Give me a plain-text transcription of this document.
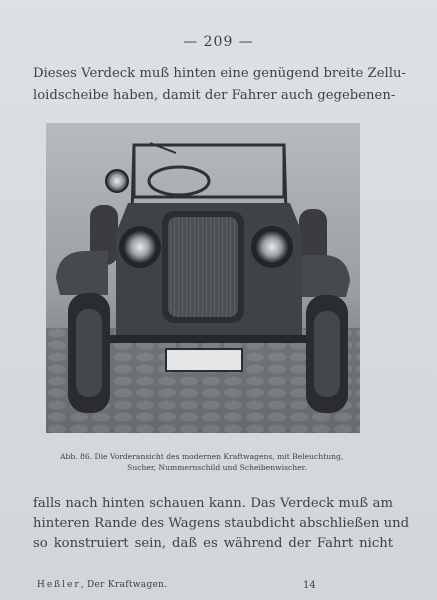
— 209 —
Dieses Verdeck muß hinten eine genügend breite Zellu-
loidscheibe haben, damit der Fahrer auch gegebenen-
Abb. 86. Die Vorderansicht des modernen Kraftwagens, mit Beleuchtung,
Sucher, Nummernschild und Scheibenwischer.
falls nach hinten schauen kann. Das Verdeck muß am
hinteren Rande des Wagens staubdicht abschließen und
so konstruiert sein, daß es während der Fahrt nicht
Heßler, Der Kraftwagen.	14
